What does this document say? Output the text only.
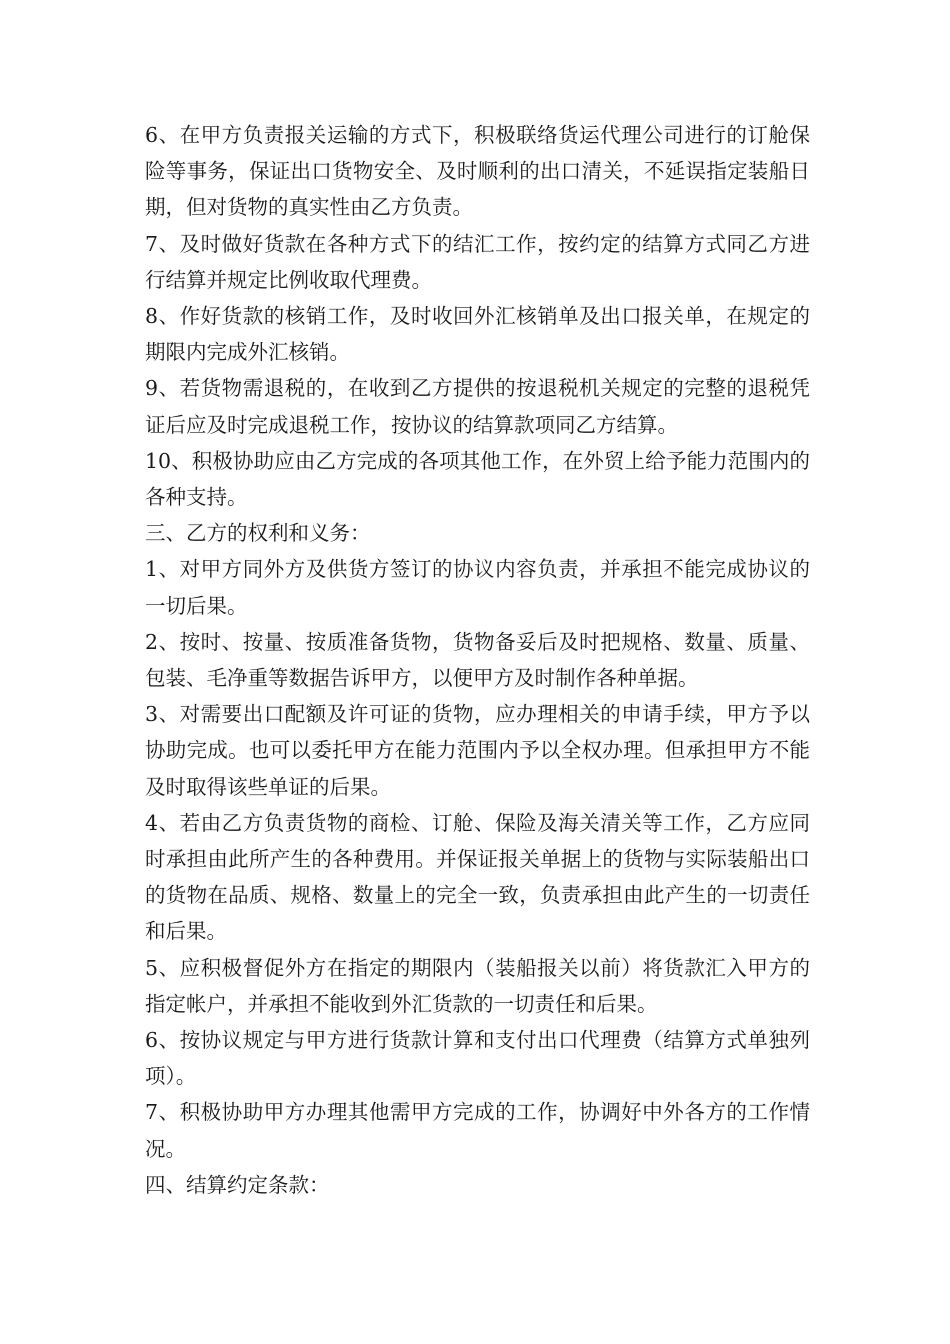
6、在甲方负责报关运输的方式下，积极联络货运代理公司进行的订舱保险等事务，保证出口货物安全、及时顺利的出口清关，不延误指定装船日期，但对货物的真实性由乙方负责。

7、及时做好货款在各种方式下的结汇工作，按约定的结算方式同乙方进行结算并规定比例收取代理费。

8、作好货款的核销工作，及时收回外汇核销单及出口报关单，在规定的期限内完成外汇核销。

9、若货物需退税的，在收到乙方提供的按退税机关规定的完整的退税凭证后应及时完成退税工作，按协议的结算款项同乙方结算。

10、积极协助应由乙方完成的各项其他工作，在外贸上给予能力范围内的各种支持。

三、乙方的权利和义务：

1、对甲方同外方及供货方签订的协议内容负责，并承担不能完成协议的一切后果。

2、按时、按量、按质准备货物，货物备妥后及时把规格、数量、质量、包装、毛净重等数据告诉甲方，以便甲方及时制作各种单据。

3、对需要出口配额及许可证的货物，应办理相关的申请手续，甲方予以协助完成。也可以委托甲方在能力范围内予以全权办理。但承担甲方不能及时取得该些单证的后果。

4、若由乙方负责货物的商检、订舱、保险及海关清关等工作，乙方应同时承担由此所产生的各种费用。并保证报关单据上的货物与实际装船出口的货物在品质、规格、数量上的完全一致，负责承担由此产生的一切责任和后果。

5、应积极督促外方在指定的期限内（装船报关以前）将货款汇入甲方的指定帐户，并承担不能收到外汇货款的一切责任和后果。

6、按协议规定与甲方进行货款计算和支付出口代理费（结算方式单独列项）。

7、积极协助甲方办理其他需甲方完成的工作，协调好中外各方的工作情况。

四、结算约定条款：
